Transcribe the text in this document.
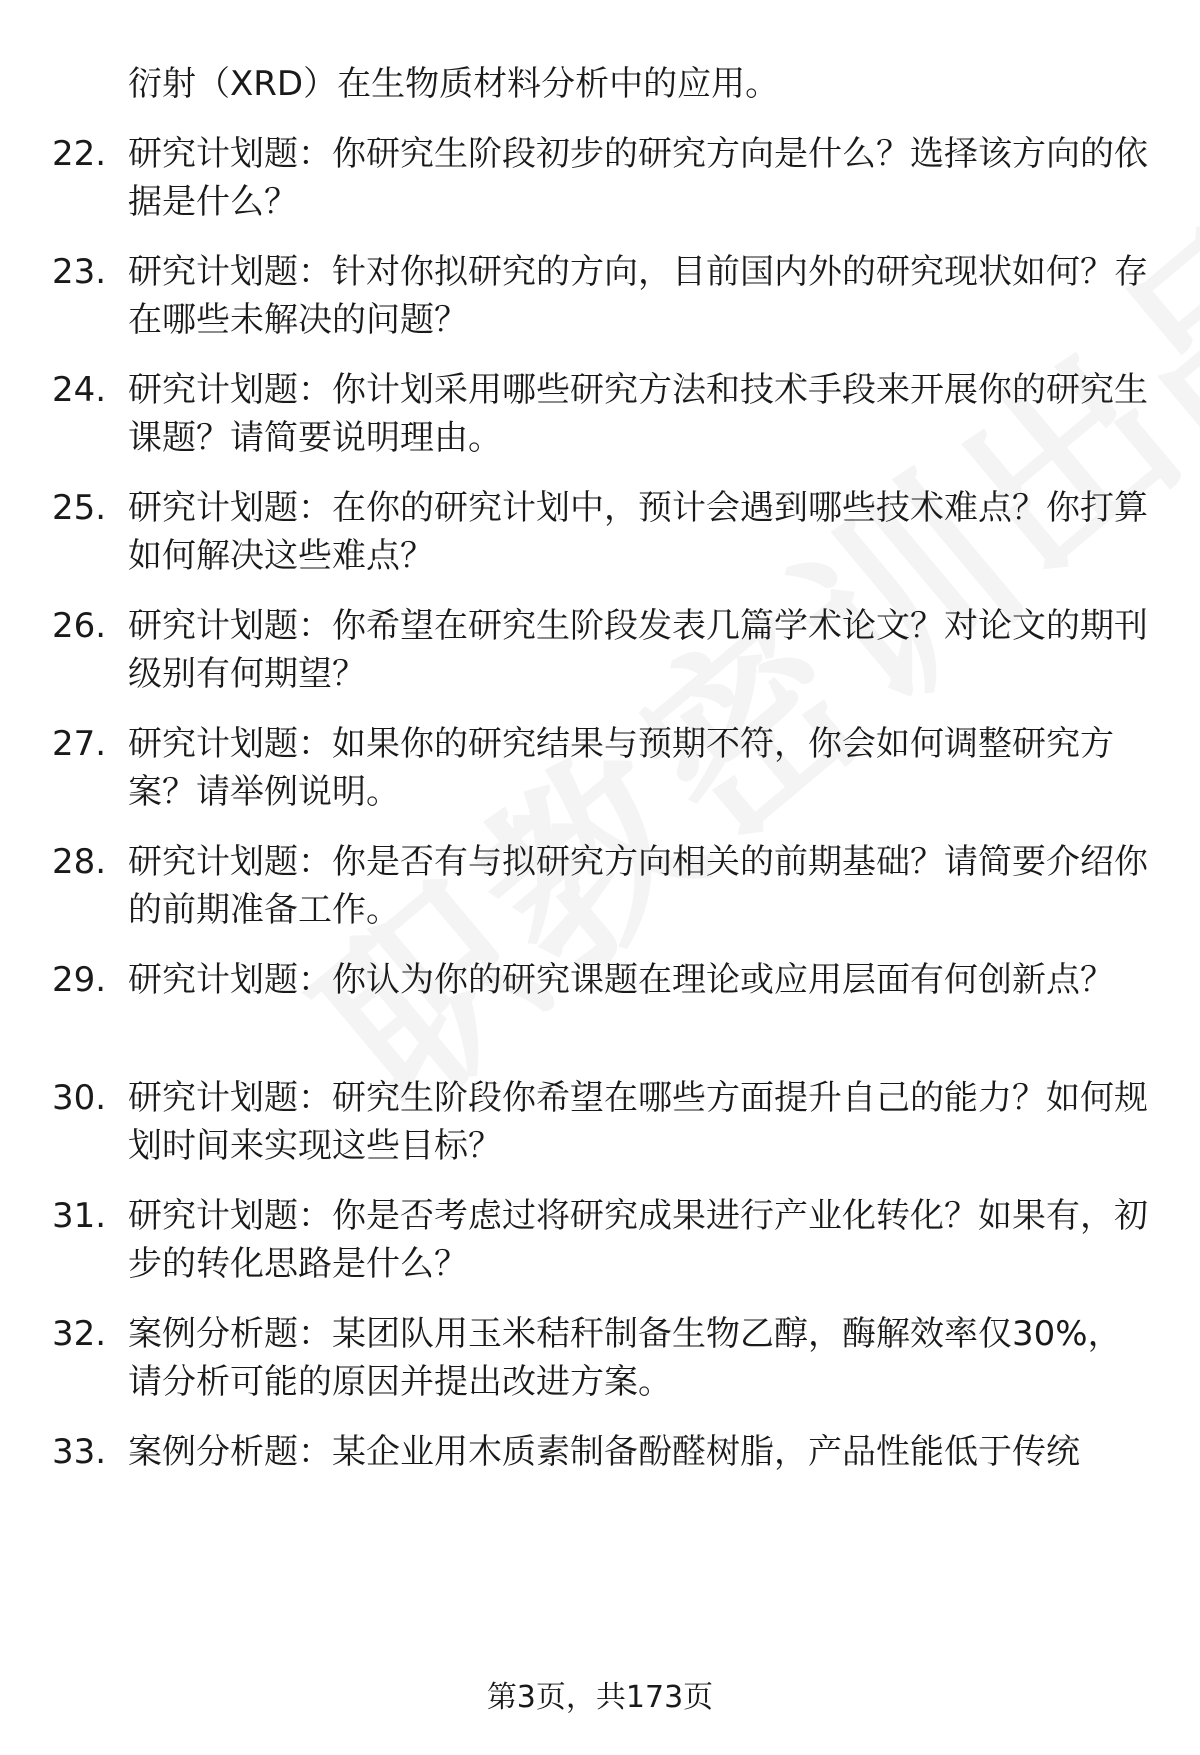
衍射（XRD）在生物质材料分析中的应用。
22. 研究计划题：你研究生阶段初步的研究方向是什么？选择该方向的依据是什么？
23. 研究计划题：针对你拟研究的方向，目前国内外的研究现状如何？存在哪些未解决的问题？
24. 研究计划题：你计划采用哪些研究方法和技术手段来开展你的研究生课题？请简要说明理由。
25. 研究计划题：在你的研究计划中，预计会遇到哪些技术难点？你打算如何解决这些难点？
26. 研究计划题：你希望在研究生阶段发表几篇学术论文？对论文的期刊级别有何期望？
27. 研究计划题：如果你的研究结果与预期不符，你会如何调整研究方案？请举例说明。
28. 研究计划题：你是否有与拟研究方向相关的前期基础？请简要介绍你的前期准备工作。
29. 研究计划题：你认为你的研究课题在理论或应用层面有何创新点？
30. 研究计划题：研究生阶段你希望在哪些方面提升自己的能力？如何规划时间来实现这些目标？
31. 研究计划题：你是否考虑过将研究成果进行产业化转化？如果有，初步的转化思路是什么？
32. 案例分析题：某团队用玉米秸秆制备生物乙醇，酶解效率仅30%，请分析可能的原因并提出改进方案。
33. 案例分析题：某企业用木质素制备酚醛树脂，产品性能低于传统
第3页，共173页
